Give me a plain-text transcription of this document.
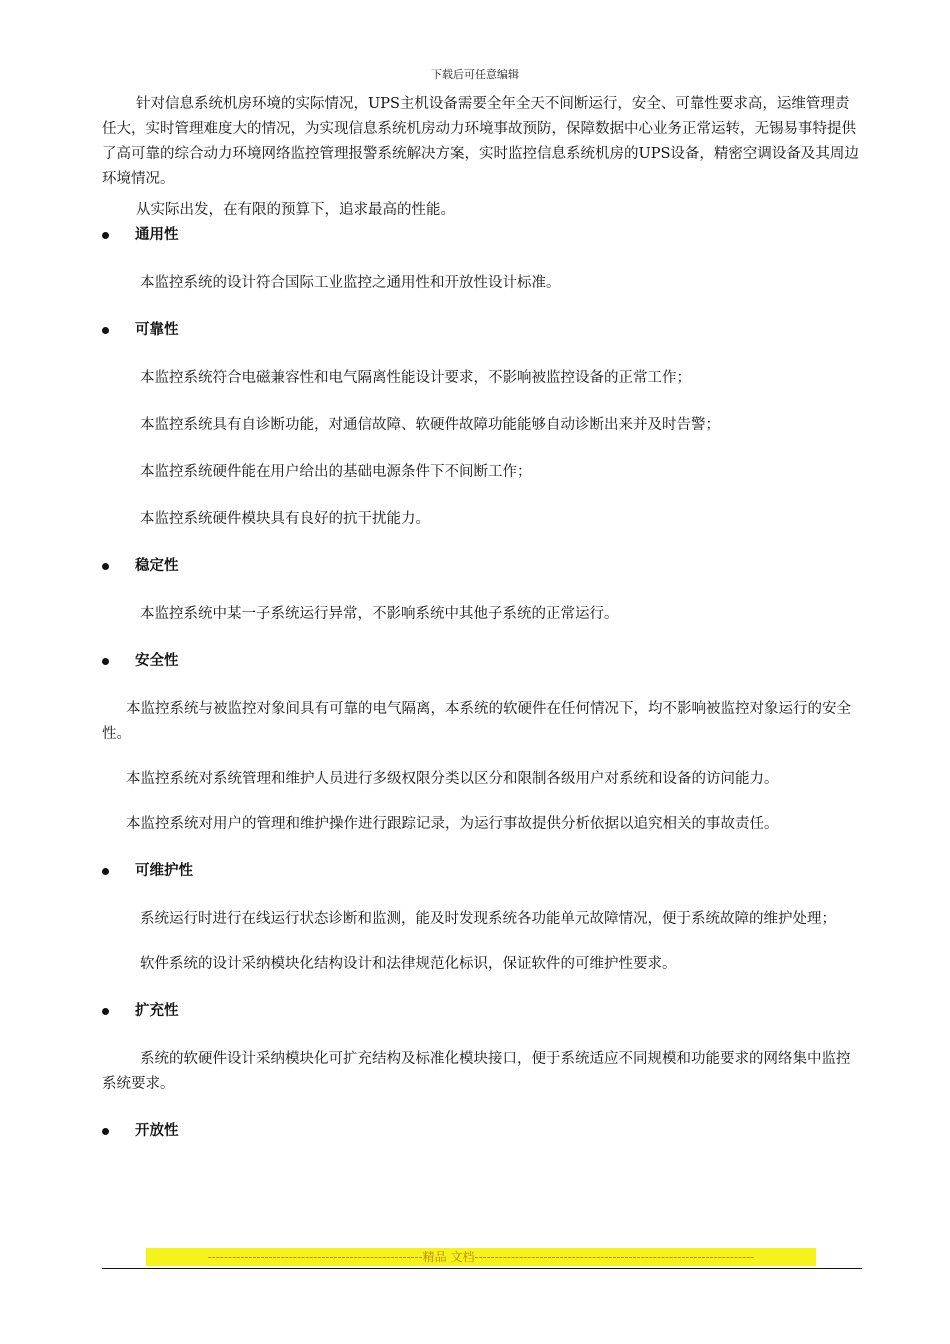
下载后可任意编辑

针对信息系统机房环境的实际情况，UPS主机设备需要全年全天不间断运行，安全、可靠性要求高，运维管理责任大，实时管理难度大的情况，为实现信息系统机房动力环境事故预防，保障数据中心业务正常运转，无锡易事特提供了高可靠的综合动力环境网络监控管理报警系统解决方案，实时监控信息系统机房的UPS设备，精密空调设备及其周边环境情况。

从实际出发，在有限的预算下，追求最高的性能。

通用性

本监控系统的设计符合国际工业监控之通用性和开放性设计标准。

可靠性

本监控系统符合电磁兼容性和电气隔离性能设计要求，不影响被监控设备的正常工作；

本监控系统具有自诊断功能，对通信故障、软硬件故障功能能够自动诊断出来并及时告警；

本监控系统硬件能在用户给出的基础电源条件下不间断工作；

本监控系统硬件模块具有良好的抗干扰能力。

稳定性

本监控系统中某一子系统运行异常，不影响系统中其他子系统的正常运行。

安全性

本监控系统与被监控对象间具有可靠的电气隔离，本系统的软硬件在任何情况下，均不影响被监控对象运行的安全性。

本监控系统对系统管理和维护人员进行多级权限分类以区分和限制各级用户对系统和设备的访问能力。

本监控系统对用户的管理和维护操作进行跟踪记录，为运行事故提供分析依据以追究相关的事故责任。

可维护性

系统运行时进行在线运行状态诊断和监测，能及时发现系统各功能单元故障情况，便于系统故障的维护处理；

软件系统的设计采纳模块化结构设计和法律规范化标识，保证软件的可维护性要求。

扩充性

系统的软硬件设计采纳模块化可扩充结构及标准化模块接口，便于系统适应不同规模和功能要求的网络集中监控系统要求。

开放性
-----------------------------------------------------精品 文档---------------------------------------------------------------------
